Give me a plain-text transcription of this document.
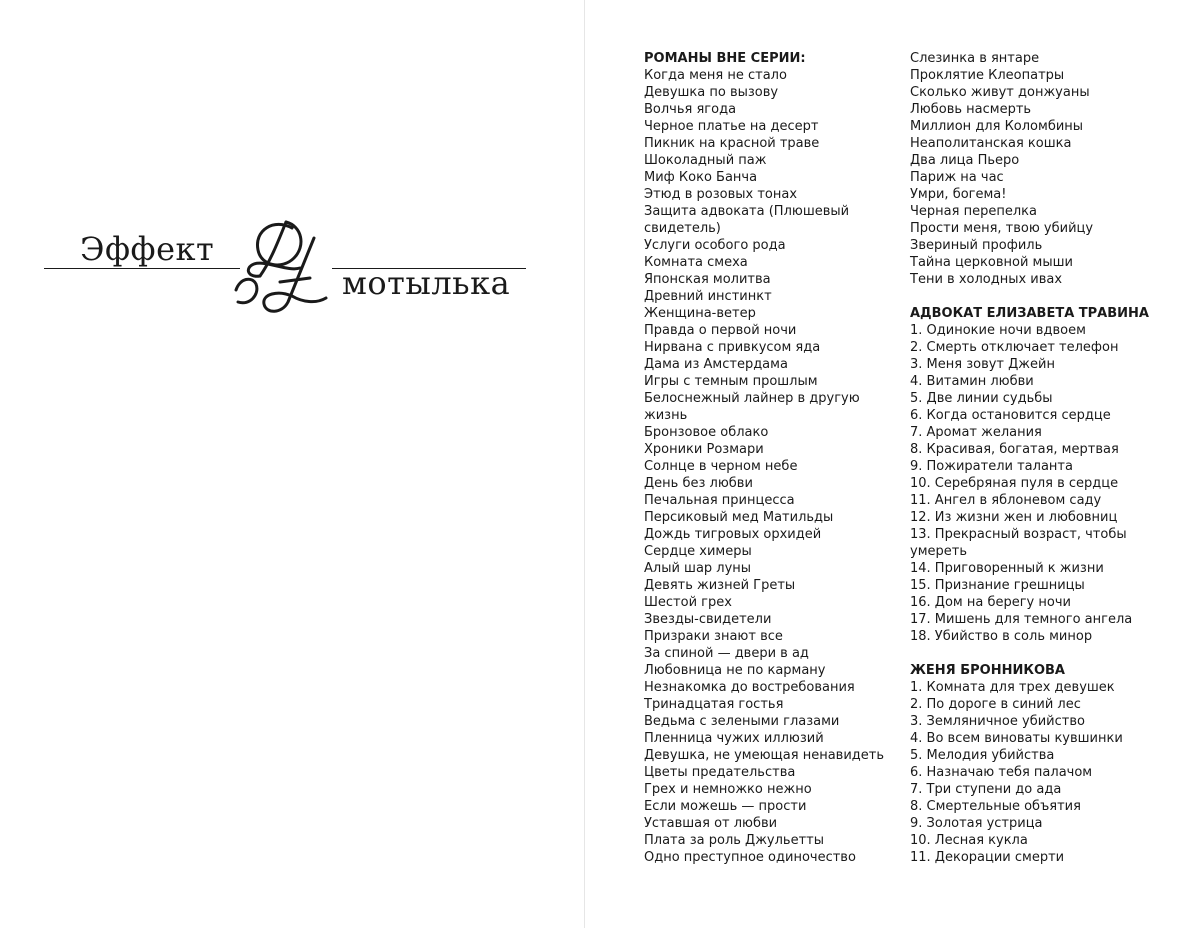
Эффект
мотылька
РОМАНЫ ВНЕ СЕРИИ:
Когда меня не стало
Девушка по вызову
Волчья ягода
Черное платье на десерт
Пикник на красной траве
Шоколадный паж
Миф Коко Банча
Этюд в розовых тонах
Защита адвоката (Плюшевый
свидетель)
Услуги особого рода
Комната смеха
Японская молитва
Древний инстинкт
Женщина-ветер
Правда о первой ночи
Нирвана с привкусом яда
Дама из Амстердама
Игры с темным прошлым
Белоснежный лайнер в другую
жизнь
Бронзовое облако
Хроники Розмари
Солнце в черном небе
День без любви
Печальная принцесса
Персиковый мед Матильды
Дождь тигровых орхидей
Сердце химеры
Алый шар луны
Девять жизней Греты
Шестой грех
Звезды-свидетели
Призраки знают все
За спиной — двери в ад
Любовница не по карману
Незнакомка до востребования
Тринадцатая гостья
Ведьма с зелеными глазами
Пленница чужих иллюзий
Девушка, не умеющая ненавидеть
Цветы предательства
Грех и немножко нежно
Если можешь — прости
Уставшая от любви
Плата за роль Джульетты
Одно преступное одиночество
Слезинка в янтаре
Проклятие Клеопатры
Сколько живут донжуаны
Любовь насмерть
Миллион для Коломбины
Неаполитанская кошка
Два лица Пьеро
Париж на час
Умри, богема!
Черная перепелка
Прости меня, твою убийцу
Звериный профиль
Тайна церковной мыши
Тени в холодных ивах
АДВОКАТ ЕЛИЗАВЕТА ТРАВИНА
1. Одинокие ночи вдвоем
2. Смерть отключает телефон
3. Меня зовут Джейн
4. Витамин любви
5. Две линии судьбы
6. Когда остановится сердце
7. Аромат желания
8. Красивая, богатая, мертвая
9. Пожиратели таланта
10. Серебряная пуля в сердце
11. Ангел в яблоневом саду
12. Из жизни жен и любовниц
13. Прекрасный возраст, чтобы
умереть
14. Приговоренный к жизни
15. Признание грешницы
16. Дом на берегу ночи
17. Мишень для темного ангела
18. Убийство в соль минор
ЖЕНЯ БРОННИКОВА
1. Комната для трех девушек
2. По дороге в синий лес
3. Земляничное убийство
4. Во всем виноваты кувшинки
5. Мелодия убийства
6. Назначаю тебя палачом
7. Три ступени до ада
8. Смертельные объятия
9. Золотая устрица
10. Лесная кукла
11. Декорации смерти
